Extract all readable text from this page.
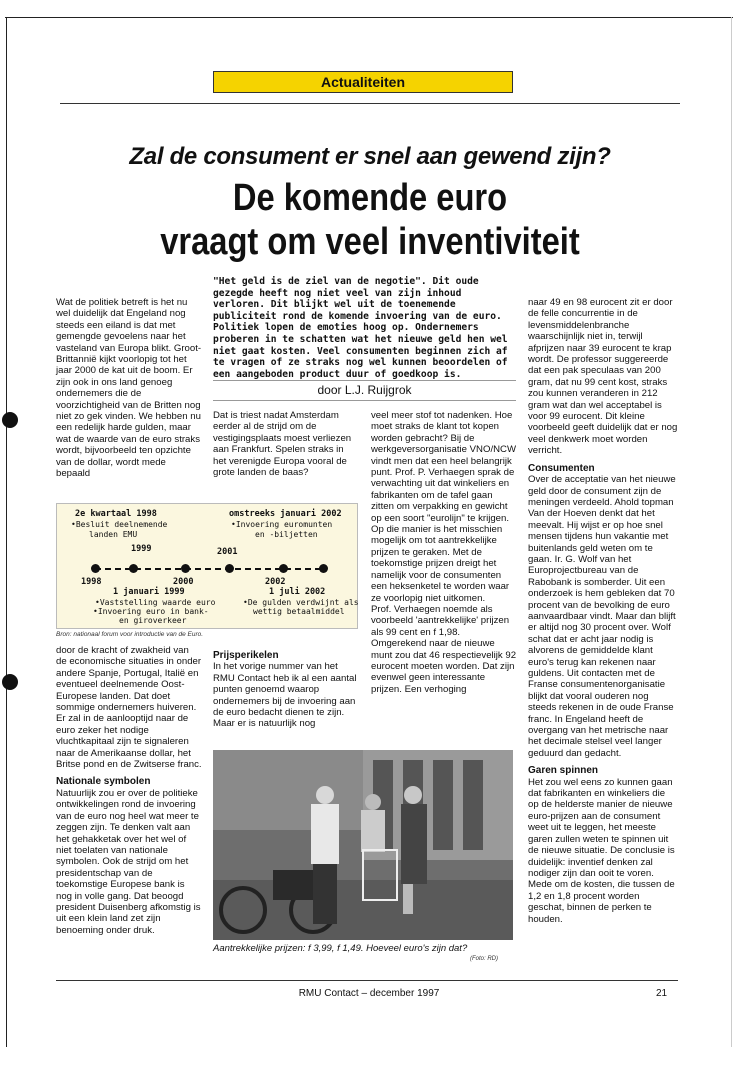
Actualiteiten
Zal de consument er snel aan gewend zijn?
De komende euro
vraagt om veel inventiviteit

Wat de politiek betreft is het nu wel duidelijk dat Engeland nog steeds een eiland is dat met gemengde gevoelens naar het vasteland van Europa blikt. Groot-Brittannië kijkt voorlopig tot het jaar 2000 de kat uit de boom. Er zijn ook in ons land genoeg ondernemers die de voorzichtigheid van de Britten nog niet zo gek vinden. We hebben nu een redelijk harde gulden, maar wat de waarde van de euro straks wordt, bijvoorbeeld ten opzichte van de dollar, wordt mede bepaald

"Het geld is de ziel van de negotie". Dit oude gezegde heeft nog niet veel van zijn inhoud verloren. Dit blijkt wel uit de toenemende publiciteit rond de komende invoering van de euro. Politiek lopen de emoties hoog op. Ondernemers proberen in te schatten wat het nieuwe geld hen wel niet gaat kosten. Veel consumenten beginnen zich af te vragen of ze straks nog wel kunnen beoordelen of een aangeboden product duur of goedkoop is.
door L.J. Ruijgrok

Dat is triest nadat Amsterdam eerder al de strijd om de vestigingsplaats moest verliezen aan Frankfurt. Spelen straks in het verenigde Europa vooral de grote landen de baas?

veel meer stof tot nadenken. Hoe moet straks de klant tot kopen worden gebracht? Bij de werkgeversorganisatie VNO/NCW vindt men dat een heel belangrijk punt. Prof. P. Verhaegen sprak de verwachting uit dat winkeliers en fabrikanten om de tafel gaan zitten om verpakking en gewicht op een soort "eurolijn" te krijgen. Op die manier is het misschien mogelijk om tot aantrekkelijke prijzen te geraken. Met de toekomstige prijzen dreigt het namelijk voor de consumenten een heksenketel te worden waar ze voorlopig niet uitkomen.

Prof. Verhaegen noemde als voorbeeld 'aantrekkelijke' prijzen als 99 cent en f 1,98. Omgerekend naar de nieuwe munt zou dat 46 respectievelijk 92 eurocent moeten worden. Dat zijn evenwel geen interessante prijzen. Een verhoging

naar 49 en 98 eurocent zit er door de felle concurrentie in de levensmiddelenbranche waarschijnlijk niet in, terwijl afprijzen naar 39 eurocent te krap wordt. De professor suggereerde dat een pak speculaas van 200 gram, dat nu 99 cent kost, straks zou kunnen veranderen in 212 gram wat dan wel acceptabel is voor 99 eurocent. Dit kleine voorbeeld geeft duidelijk dat er nog veel denkwerk moet worden verricht.

Consumenten

Over de acceptatie van het nieuwe geld door de consument zijn de meningen verdeeld. Ahold topman Van der Hoeven denkt dat het meevalt. Hij wijst er op hoe snel mensen tijdens hun vakantie met buitenlands geld weten om te gaan. Ir. G. Wolf van het Europrojectbureau van de Rabobank is somberder. Uit een onderzoek is hem gebleken dat 70 procent van de bevolking de euro aanvaardbaar vindt. Maar dan blijft er altijd nog 30 procent over. Wolf schat dat er acht jaar nodig is alvorens de gemiddelde klant euro's terug kan rekenen naar guldens. Uit contacten met de Franse consumentenorganisatie blijkt dat vooral ouderen nog steeds rekenen in de oude Franse franc. In Engeland heeft de overgang van het metrische naar het decimale stelsel veel langer geduurd dan gedacht.

Garen spinnen

Het zou wel eens zo kunnen gaan dat fabrikanten en winkeliers die op de helderste manier de nieuwe euro-prijzen aan de consument weet uit te leggen, het meeste garen zullen weten te spinnen uit de nieuwe situatie. De conclusie is duidelijk: inventief denken zal nodiger zijn dan ooit te voren. Mede om de kosten, die tussen de 1,2 en 1,8 procent worden geschat, binnen de perken te houden.

2e kwartaal 1998
•Besluit deelnemende
landen EMU
omstreeks januari 2002
•Invoering euromunten
en -biljetten
1999	2001
1998	2000	2002
1 januari 1999
•Vaststelling waarde euro
•Invoering euro in bank-
en giroverkeer
1 juli 2002
•De gulden verdwijnt als
wettig betaalmiddel
Bron: nationaal forum voor introductie van de Euro.

door de kracht of zwakheid van de economische situaties in onder andere Spanje, Portugal, Italië en eventueel deelnemende Oost-Europese landen. Dat doet sommige ondernemers huiveren. Er zal in de aanlooptijd naar de euro zeker het nodige vluchtkapitaal zijn te signaleren naar de Amerikaanse dollar, het Britse pond en de Zwitserse franc.

Nationale symbolen

Natuurlijk zou er over de politieke ontwikkelingen rond de invoering van de euro nog heel wat meer te zeggen zijn. Te denken valt aan het gehakketak over het wel of niet toelaten van nationale symbolen. Ook de strijd om het presidentschap van de toekomstige Europese bank is nog in volle gang. Dat beoogd president Duisenberg afkomstig is uit een klein land zet zijn benoeming onder druk.

Prijsperikelen

In het vorige nummer van het RMU Contact heb ik al een aantal punten genoemd waarop ondernemers bij de invoering aan de euro bedacht dienen te zijn. Maar er is natuurlijk nog

Aantrekkelijke prijzen: f 3,99, f 1,49. Hoeveel euro's zijn dat?
(Foto: RD)
RMU Contact – december 1997	21
